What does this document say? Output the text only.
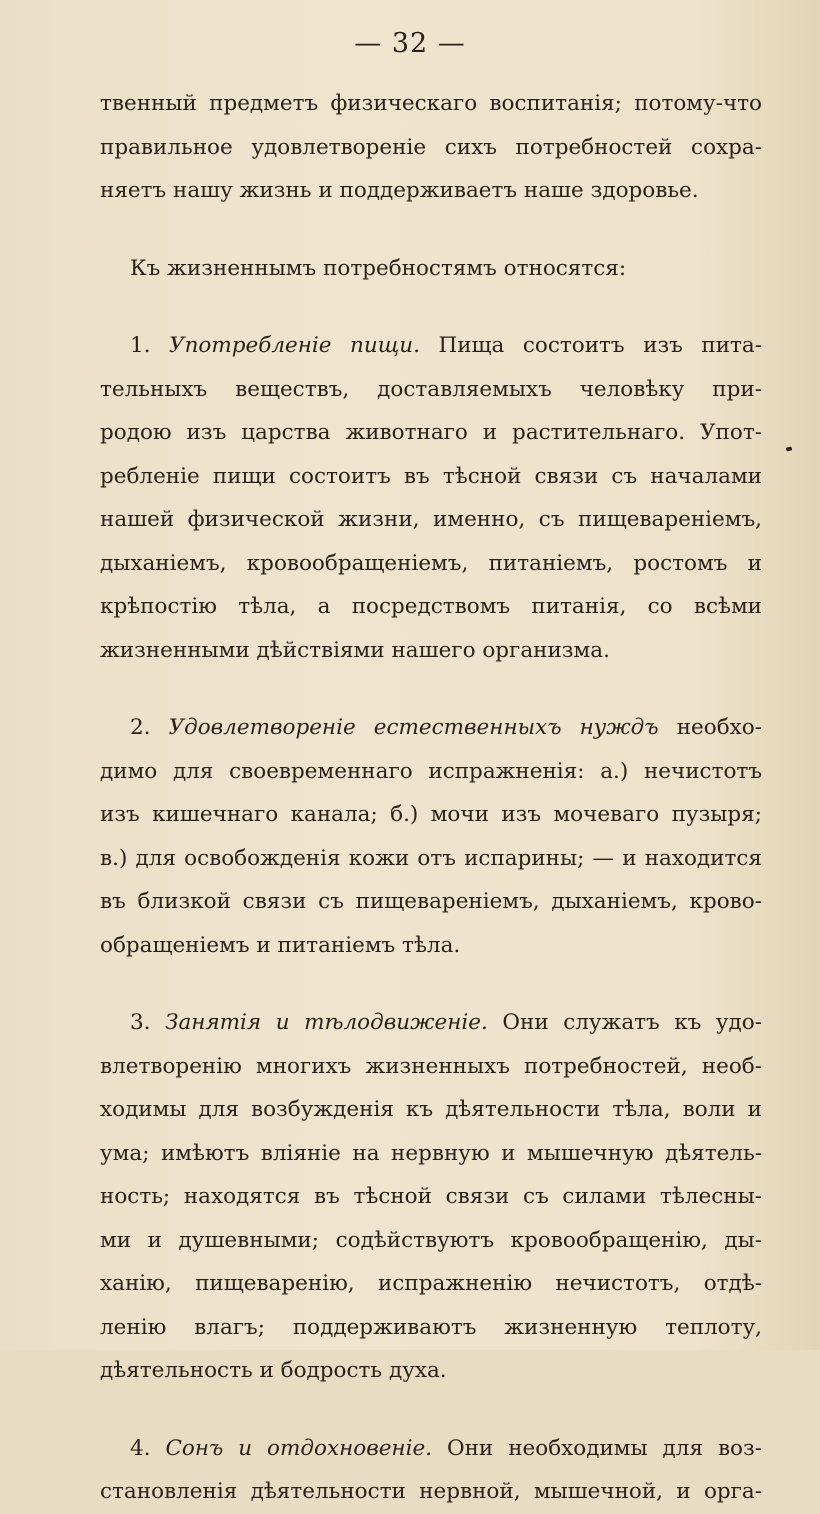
— 32 —

твенный предметъ физическаго воспитанія; потому-что

правильное удовлетвореніе сихъ потребностей сохра-

няетъ нашу жизнь и поддерживаетъ наше здоровье.

Къ жизненнымъ потребностямъ относятся:

1. Употребленіе пищи. Пища состоитъ изъ пита-

тельныхъ веществъ, доставляемыхъ человѣку при-

родою изъ царства животнаго и растительнаго. Упот-

ребленіе пищи состоитъ въ тѣсной связи съ началами

нашей физической жизни, именно, съ пищевареніемъ,

дыханіемъ, кровообращеніемъ, питаніемъ, ростомъ и

крѣпостію тѣла, а посредствомъ питанія, со всѣми

жизненными дѣйствіями нашего организма.

2. Удовлетвореніе естественныхъ нуждъ необхо-

димо для своевременнаго испражненія: а.) нечистотъ

изъ кишечнаго канала; б.) мочи изъ мочеваго пузыря;

в.) для освобожденія кожи отъ испарины; — и находится

въ близкой связи съ пищевареніемъ, дыханіемъ, крово-

обращеніемъ и питаніемъ тѣла.

3. Занятія и тѣлодвиженіе. Они служатъ къ удо-

влетворенію многихъ жизненныхъ потребностей, необ-

ходимы для возбужденія къ дѣятельности тѣла, воли и

ума; имѣютъ вліяніе на нервную и мышечную дѣятель-

ность; находятся въ тѣсной связи съ силами тѣлесны-

ми и душевными; содѣйствуютъ кровообращенію, ды-

ханію, пищеваренію, испражненію нечистотъ, отдѣ-

ленію влагъ; поддерживаютъ жизненную теплоту,

дѣятельность и бодрость духа.

4. Сонъ и отдохновеніе. Они необходимы для воз-

становленія дѣятельности нервной, мышечной, и орга-
